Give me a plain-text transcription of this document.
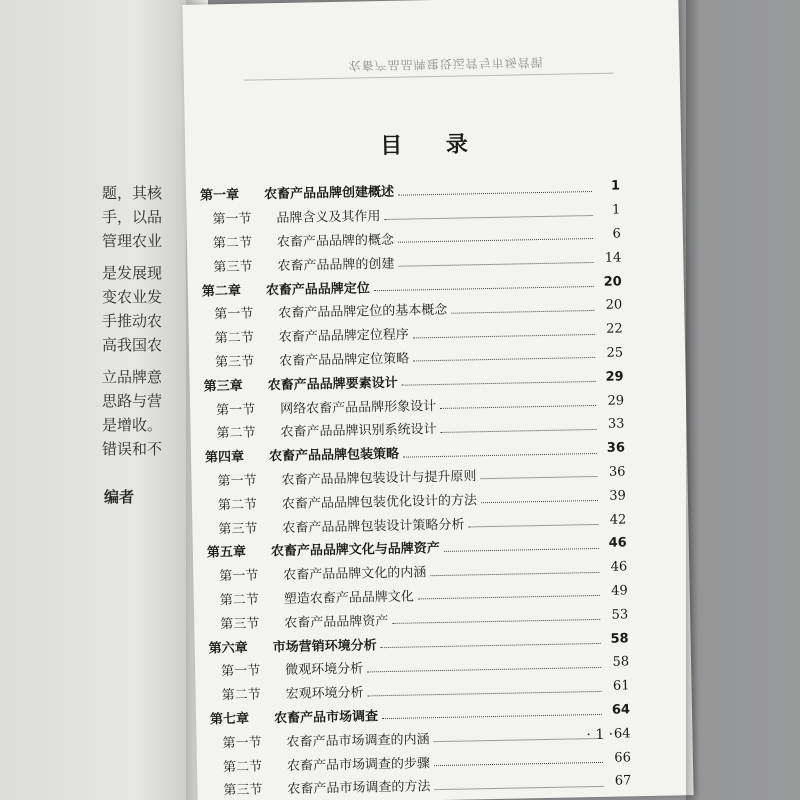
题，其核
手，以品
管理农业
是发展现
变农业发
手推动农
高我国农
立品牌意
思路与营
是增收。
错误和不
编者
农畜产品品牌建设运营与市场营销
目 录
第一章	农畜产品品牌创建概述	1
第一节	品牌含义及其作用	1
第二节	农畜产品品牌的概念	6
第三节	农畜产品品牌的创建	14
第二章	农畜产品品牌定位	20
第一节	农畜产品品牌定位的基本概念	20
第二节	农畜产品品牌定位程序	22
第三节	农畜产品品牌定位策略	25
第三章	农畜产品品牌要素设计	29
第一节	网络农畜产品品牌形象设计	29
第二节	农畜产品品牌识别系统设计	33
第四章	农畜产品品牌包装策略	36
第一节	农畜产品品牌包装设计与提升原则	36
第二节	农畜产品品牌包装优化设计的方法	39
第三节	农畜产品品牌包装设计策略分析	42
第五章	农畜产品品牌文化与品牌资产	46
第一节	农畜产品品牌文化的内涵	46
第二节	塑造农畜产品品牌文化	49
第三节	农畜产品品牌资产	53
第六章	市场营销环境分析	58
第一节	微观环境分析	58
第二节	宏观环境分析	61
第七章	农畜产品市场调查	64
第一节	农畜产品市场调查的内涵	64
第二节	农畜产品市场调查的步骤	66
第三节	农畜产品市场调查的方法	67
· 1 ·
